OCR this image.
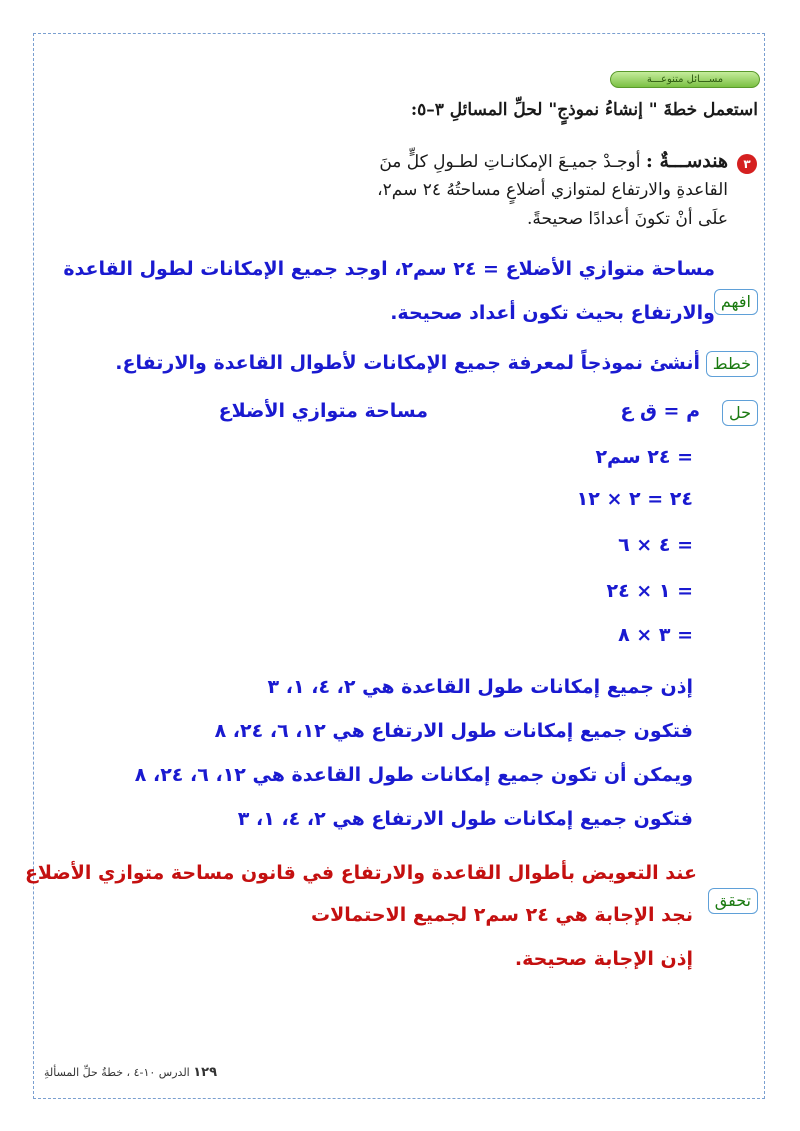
مســـائل متنوعـــة
استعمل خطةَ " إنشاءُ نموذجٍ" لحلِّ المسائلِ ٣–٥:
٣
هندســـةٌ : أوجـدْ جميـعَ الإمكانـاتِ لطـولِ كلٍّ منَ
القاعدةِ والارتفاع لمتوازي أضلاعٍ مساحتُهُ ٢٤ سم٢،
علَى أنْ تكونَ أعدادًا صحيحةً.
مساحة متوازي الأضلاع = ٢٤ سم٢، اوجد جميع الإمكانات لطول القاعدة
افهم
والارتفاع بحيث تكون أعداد صحيحة.
خطط
أنشئ نموذجاً لمعرفة جميع الإمكانات لأطوال القاعدة والارتفاع.
حل
م = ق ع
مساحة متوازي الأضلاع
= ٢٤ سم٢
٢٤ = ٢ × ١٢
= ٤ × ٦
= ١ × ٢٤
= ٣ × ٨
إذن جميع إمكانات طول القاعدة هي ٢، ٤، ١، ٣
فتكون جميع إمكانات طول الارتفاع هي ١٢، ٦، ٢٤، ٨
ويمكن أن تكون جميع إمكانات طول القاعدة هي ١٢، ٦، ٢٤، ٨
فتكون جميع إمكانات طول الارتفاع هي ٢، ٤، ١، ٣
عند التعويض بأطوال القاعدة والارتفاع في قانون مساحة متوازي الأضلاع
تحقق
نجد الإجابة هي ٢٤ سم٢ لجميع الاحتمالات
إذن الإجابة صحيحة.
١٢٩ الدرس ١٠-٤ ، خطةُ حلِّ المسألةِ
